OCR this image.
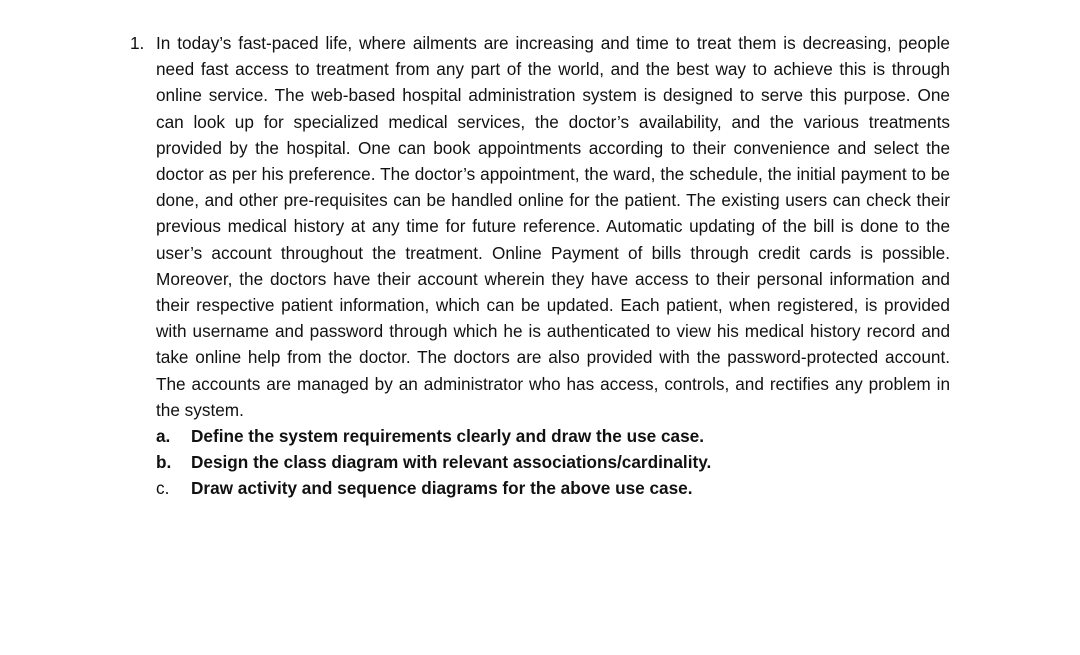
1. In today’s fast-paced life, where ailments are increasing and time to treat them is decreasing, people need fast access to treatment from any part of the world, and the best way to achieve this is through online service. The web-based hospital administration system is designed to serve this purpose. One can look up for specialized medical services, the doctor’s availability, and the various treatments provided by the hospital. One can book appointments according to their convenience and select the doctor as per his preference. The doctor’s appointment, the ward, the schedule, the initial payment to be done, and other pre-requisites can be handled online for the patient. The existing users can check their previous medical history at any time for future reference. Automatic updating of the bill is done to the user’s account throughout the treatment. Online Payment of bills through credit cards is possible. Moreover, the doctors have their account wherein they have access to their personal information and their respective patient information, which can be updated. Each patient, when registered, is provided with username and password through which he is authenticated to view his medical history record and take online help from the doctor. The doctors are also provided with the password-protected account. The accounts are managed by an administrator who has access, controls, and rectifies any problem in the system.
a.	Define the system requirements clearly and draw the use case.
b.	Design the class diagram with relevant associations/cardinality.
c.	Draw activity and sequence diagrams for the above use case.
